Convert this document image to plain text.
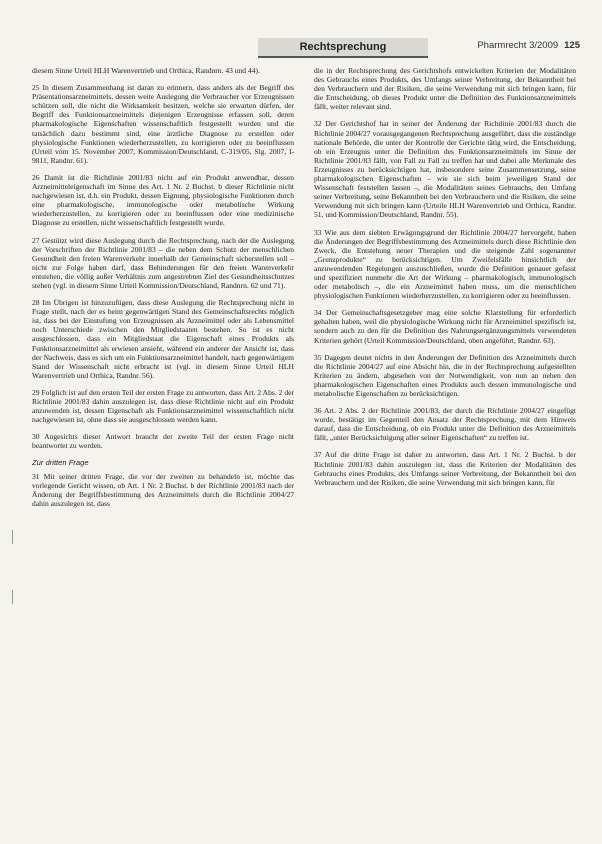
Rechtsprechung	Pharmrecht 3/2009 125

diesem Sinne Urteil HLH Warenvertrieb und Orthica, Randnrn. 43 und 44).

25 In diesem Zusammenhang ist daran zu erinnern, dass anders als der Begriff des Präsentationsarzneimittels, dessen weite Auslegung die Verbraucher vor Erzeugnissen schützen soll, die nicht die Wirksamkeit besitzen, welche sie erwarten dürfen, der Begriff des Funktionsarzneimittels diejenigen Erzeugnisse erfassen soll, deren pharmakologische Eigenschaften wissenschaftlich festgestellt wurden und die tatsächlich dazu bestimmt sind, eine ärztliche Diagnose zu erstellen oder physiologische Funktionen wiederherzustellen, zu korrigieren oder zu beeinflussen (Urteil vom 15. November 2007, Kommission/Deutschland, C-319/05, Slg. 2007, I-9811, Randnr. 61).

26 Damit ist die Richtlinie 2001/83 nicht auf ein Produkt anwendbar, dessen Arzneimitteleigenschaft im Sinne des Art. 1 Nr. 2 Buchst. b dieser Richtlinie nicht nachgewiesen ist, d.h. ein Produkt, dessen Eignung, physiologische Funktionen durch eine pharmakologische, immunologische oder metabolische Wirkung wiederherzustellen, zu korrigieren oder zu beeinflussen oder eine medizinische Diagnose zu erstellen, nicht wissenschaftlich festgestellt wurde.

27 Gestützt wird diese Auslegung durch die Rechtsprechung, nach der die Auslegung der Vorschriften der Richtlinie 2001/83 – die neben dem Schutz der menschlichen Gesundheit den freien Warenverkehr innerhalb der Gemeinschaft sicherstellen soll – nicht zur Folge haben darf, dass Behinderungen für den freien Warenverkehr entstehen, die völlig außer Verhältnis zum angestrebten Ziel des Gesundheitsschutzes stehen (vgl. in diesem Sinne Urteil Kommission/Deutschland, Randnrn. 62 und 71).

28 Im Übrigen ist hinzuzufügen, dass diese Auslegung die Rechtsprechung nicht in Frage stellt, nach der es beim gegenwärtigen Stand des Gemeinschaftsrechts möglich ist, dass bei der Einstufung von Erzeugnissen als Arzneimittel oder als Lebensmittel noch Unterschiede zwischen den Mitgliedstaaten bestehen. So ist es nicht ausgeschlossen, dass ein Mitgliedstaat die Eigenschaft eines Produkts als Funktionsarzneimittel als erwiesen ansieht, während ein anderer der Ansicht ist, dass der Nachweis, dass es sich um ein Funktionsarzneimittel handelt, nach gegenwärtigem Stand der Wissenschaft nicht erbracht ist (vgl. in diesem Sinne Urteil HLH Warenvertrieb und Orthica, Randnr. 56).

29 Folglich ist auf den ersten Teil der ersten Frage zu antworten, dass Art. 2 Abs. 2 der Richtlinie 2001/83 dahin auszulegen ist, dass diese Richtlinie nicht auf ein Produkt anzuwenden ist, dessen Eigenschaft als Funktionsarzneimittel wissenschaftlich nicht nachgewiesen ist, ohne dass sie ausgeschlossen werden kann.

30 Angesichts dieser Antwort braucht der zweite Teil der ersten Frage nicht beantwortet zu werden.

Zur dritten Frage

31 Mit seiner dritten Frage, die vor der zweiten zu behandeln ist, möchte das vorlegende Gericht wissen, ob Art. 1 Nr. 2 Buchst. b der Richtlinie 2001/83 nach der Änderung der Begriffsbestimmung des Arzneimittels durch die Richtlinie 2004/27 dahin auszulegen ist, dass

die in der Rechtsprechung des Gerichtshofs entwickelten Kriterien der Modalitäten des Gebrauchs eines Produkts, des Umfangs seiner Verbreitung, der Bekanntheit bei den Verbrauchern und der Risiken, die seine Verwendung mit sich bringen kann, für die Entscheidung, ob dieses Produkt unter die Definition des Funktionsarzneimittels fällt, weiter relevant sind.

32 Der Gerichtshof hat in seiner der Änderung der Richtlinie 2001/83 durch die Richtlinie 2004/27 vorausgegangenen Rechtsprechung ausgeführt, dass die zuständige nationale Behörde, die unter der Kontrolle der Gerichte tätig wird, die Entscheidung, ob ein Erzeugnis unter die Definition des Funktionsarzneimittels im Sinne der Richtlinie 2001/83 fällt, von Fall zu Fall zu treffen hat und dabei alle Merkmale des Erzeugnisses zu berücksichtigen hat, insbesondere seine Zusammensetzung, seine pharmakologischen Eigenschaften – wie sie sich beim jeweiligen Stand der Wissenschaft feststellen lassen –, die Modalitäten seines Gebrauchs, den Umfang seiner Verbreitung, seine Bekanntheit bei den Verbrauchern und die Risiken, die seine Verwendung mit sich bringen kann (Urteile HLH Warenvertrieb und Orthica, Randnr. 51, und Kommission/Deutschland, Randnr. 55).

33 Wie aus dem siebten Erwägungsgrund der Richtlinie 2004/27 hervorgeht, haben die Änderungen der Begriffsbestimmung des Arzneimittels durch diese Richtlinie den Zweck, die Entstehung neuer Therapien und die steigende Zahl sogenannter „Grenzprodukte“ zu berücksichtigen. Um Zweifelsfälle hinsichtlich der anzuwendenden Regelungen auszuschließen, wurde die Definition genauer gefasst und spezifiziert nunmehr die Art der Wirkung – pharmakologisch, immunologisch oder metabolisch –, die ein Arzneimittel haben muss, um die menschlichen physiologischen Funktionen wiederherzustellen, zu korrigieren oder zu beeinflussen.

34 Der Gemeinschaftsgesetzgeber mag eine solche Klarstellung für erforderlich gehalten haben, weil die physiologische Wirkung nicht für Arzneimittel spezifisch ist, sondern auch zu den für die Definition des Nahrungsergänzungsmittels verwendeten Kriterien gehört (Urteil Kommission/Deutschland, oben angeführt, Randnr. 63).

35 Dagegen deutet nichts in den Änderungen der Definition des Arzneimittels durch die Richtlinie 2004/27 auf eine Absicht hin, die in der Rechtsprechung aufgestellten Kriterien zu ändern, abgesehen von der Notwendigkeit, von nun an neben den pharmakologischen Eigenschaften eines Produkts auch dessen immunologische und metabolische Eigenschaften zu berücksichtigen.

36 Art. 2 Abs. 2 der Richtlinie 2001/83, der durch die Richtlinie 2004/27 eingefügt wurde, bestätigt im Gegenteil den Ansatz der Rechtsprechung, mit dem Hinweis darauf, dass die Entscheidung, ob ein Produkt unter die Definition des Arzneimittels fällt, „unter Berücksichtigung aller seiner Eigenschaften“ zu treffen ist.

37 Auf die dritte Frage ist daher zu antworten, dass Art. 1 Nr. 2 Buchst. b der Richtlinie 2001/83 dahin auszulegen ist, dass die Kriterien der Modalitäten des Gebrauchs eines Produkts, des Umfangs seiner Verbreitung, der Bekanntheit bei den Verbrauchern und der Risiken, die seine Verwendung mit sich bringen kann, für
